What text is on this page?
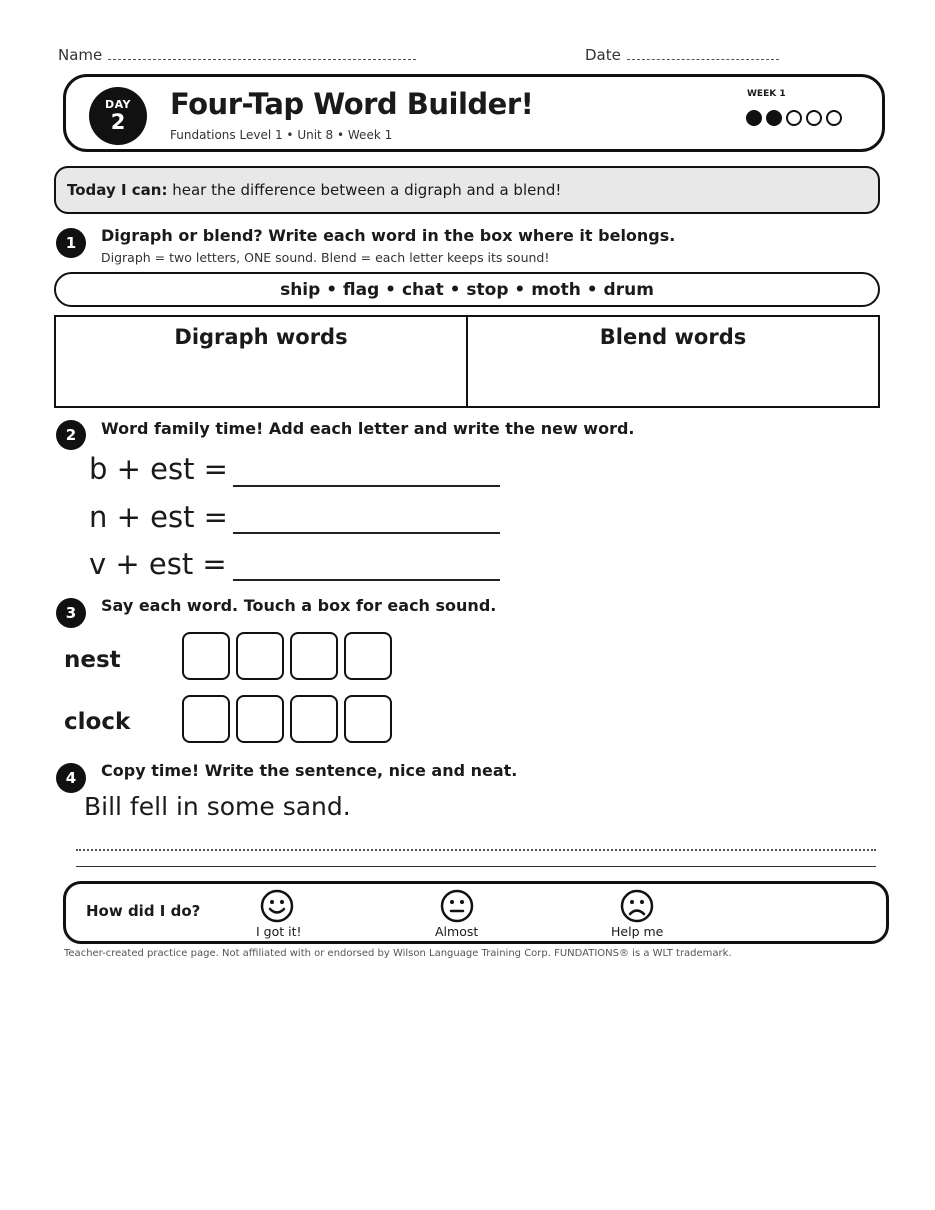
Name	Date
DAY
2
Four-Tap Word Builder!
Fundations Level 1 • Unit 8 • Week 1
WEEK 1
Today I can: hear the difference between a digraph and a blend!
1	Digraph or blend? Write each word in the box where it belongs.
Digraph = two letters, ONE sound. Blend = each letter keeps its sound!
ship • flag • chat • stop • moth • drum
Digraph words	Blend words
2	Word family time! Add each letter and write the new word.
b + est =
n + est =
v + est =
3	Say each word. Touch a box for each sound.
nest
clock
4	Copy time! Write the sentence, nice and neat.
Bill fell in some sand.
How did I do?
I got it!	Almost	Help me
Teacher-created practice page. Not affiliated with or endorsed by Wilson Language Training Corp. FUNDATIONS® is a WLT trademark.
